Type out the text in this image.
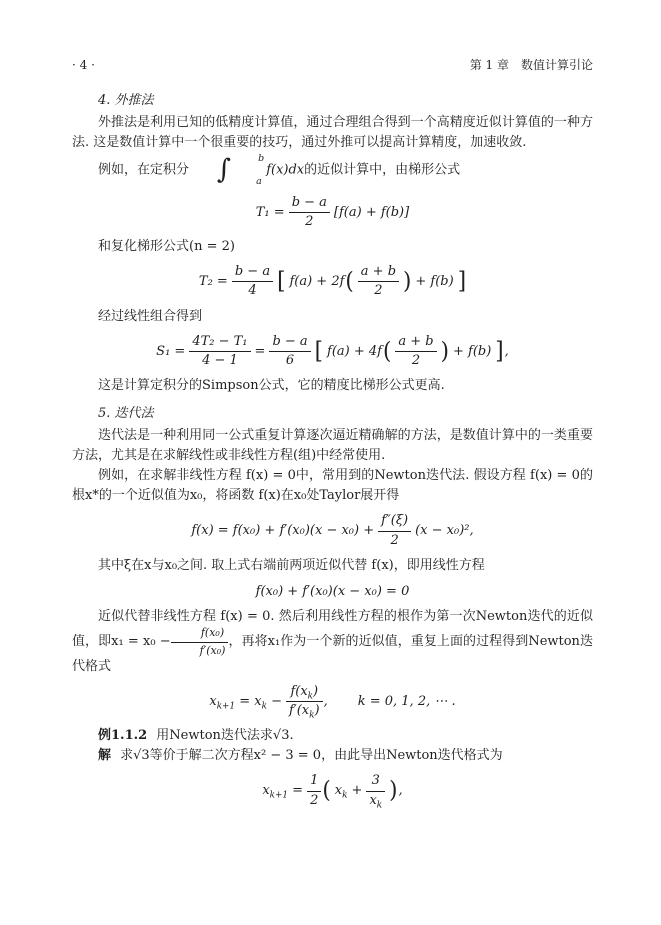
· 4 ·	第 1 章　数值计算引论

4. 外推法

外推法是利用已知的低精度计算值，通过合理组合得到一个高精度近似计算值的一种方法. 这是数值计算中一个很重要的技巧，通过外推可以提高计算精度，加速收敛.

例如，在定积分	∫	b
a
f(x)dx的近似计算中，由梯形公式

$T_1 = \frac{b - a}{2} [f(a) + f(b)]$

和复化梯形公式(n = 2)

$T_2 = \frac{b - a}{4}$ [ f(a) + 2f ( $\frac{a + b}{2}$ ) + f(b) ]

经过线性组合得到

$S_1 = \frac{\text{4T₂ − T₁}}{4 - 1} = \frac{b - a}{6}$ [ f(a) + 4f ( $\frac{a + b}{2}$ ) + f(b) ] ,

这是计算定积分的Simpson公式，它的精度比梯形公式更高.

5. 迭代法

迭代法是一种利用同一公式重复计算逐次逼近精确解的方法，是数值计算中的一类重要方法，尤其是在求解线性或非线性方程(组)中经常使用.

例如，在求解非线性方程 f(x) = 0中，常用到的Newton迭代法. 假设方程 f(x) = 0的根x*的一个近似值为x₀，将函数 f(x)在x₀处Taylor展开得

$f(x) = f(x_0) + f'(x_0)(x - x_0) + \frac{f''(\xi)}{2} (x - x_0)^2$,

其中ξ在x与x₀之间. 取上式右端前两项近似代替 f(x)，即用线性方程

f(x₀) + f′(x₀)(x − x₀) = 0

近似代替非线性方程 f(x) = 0. 然后利用线性方程的根作为第一次Newton迭代的近似值，即$x_1 = x_0 - \frac{\text{f(x₀)}}{\text{f′(x₀)}}$ ，再将x₁作为一个新的近似值，重复上面的过程得到Newton迭代格式

$x_{k+1} = x_k - \frac{f(x_k)}{f'(x_k)}$ , k = 0, 1, 2, ⋯ .

例1.1.2 用Newton迭代法求√3.

解 求√3等价于解二次方程x² − 3 = 0，由此导出Newton迭代格式为

$x_{k+1} = \frac{1}{2}$ ( $x_k + \frac{3}{x_k}$ ) ,
